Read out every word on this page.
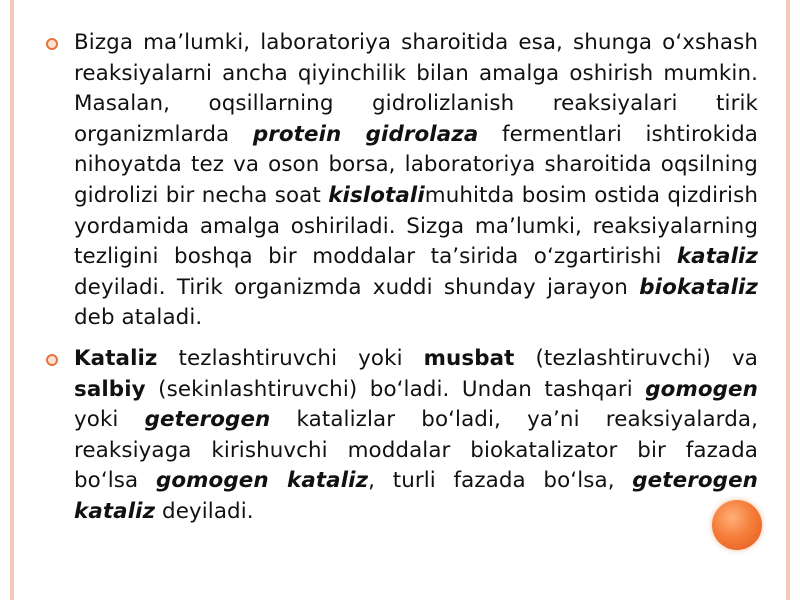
Bizga ma’lumki, laboratoriya sharoitida esa, shunga o‘xshash reaksiyalarni ancha qiyinchilik bilan amalga oshirish mumkin. Masalan, oqsillarning gidrolizlanish reaksiyalari tirik organizmlarda protein gidrolaza fermentlari ishtirokida nihoyatda tez va oson borsa, laboratoriya sharoitida oqsilning gidrolizi bir necha soat kislotalimuhitda bosim ostida qizdirish yordamida amalga oshiriladi. Sizga ma’lumki, reaksiyalarning tezligini boshqa bir moddalar ta’sirida o‘zgartirishi kataliz deyiladi. Tirik organizmda xuddi shunday jarayon biokataliz deb ataladi.

Kataliz tezlashtiruvchi yoki musbat (tezlashtiruvchi) va salbiy (sekinlashtiruvchi) bo‘ladi. Undan tashqari gomogen yoki geterogen katalizlar bo‘ladi, ya’ni reaksiyalarda, reaksiyaga kirishuvchi moddalar biokatalizator bir fazada bo‘lsa gomogen kataliz, turli fazada bo‘lsa, geterogen kataliz deyiladi.
